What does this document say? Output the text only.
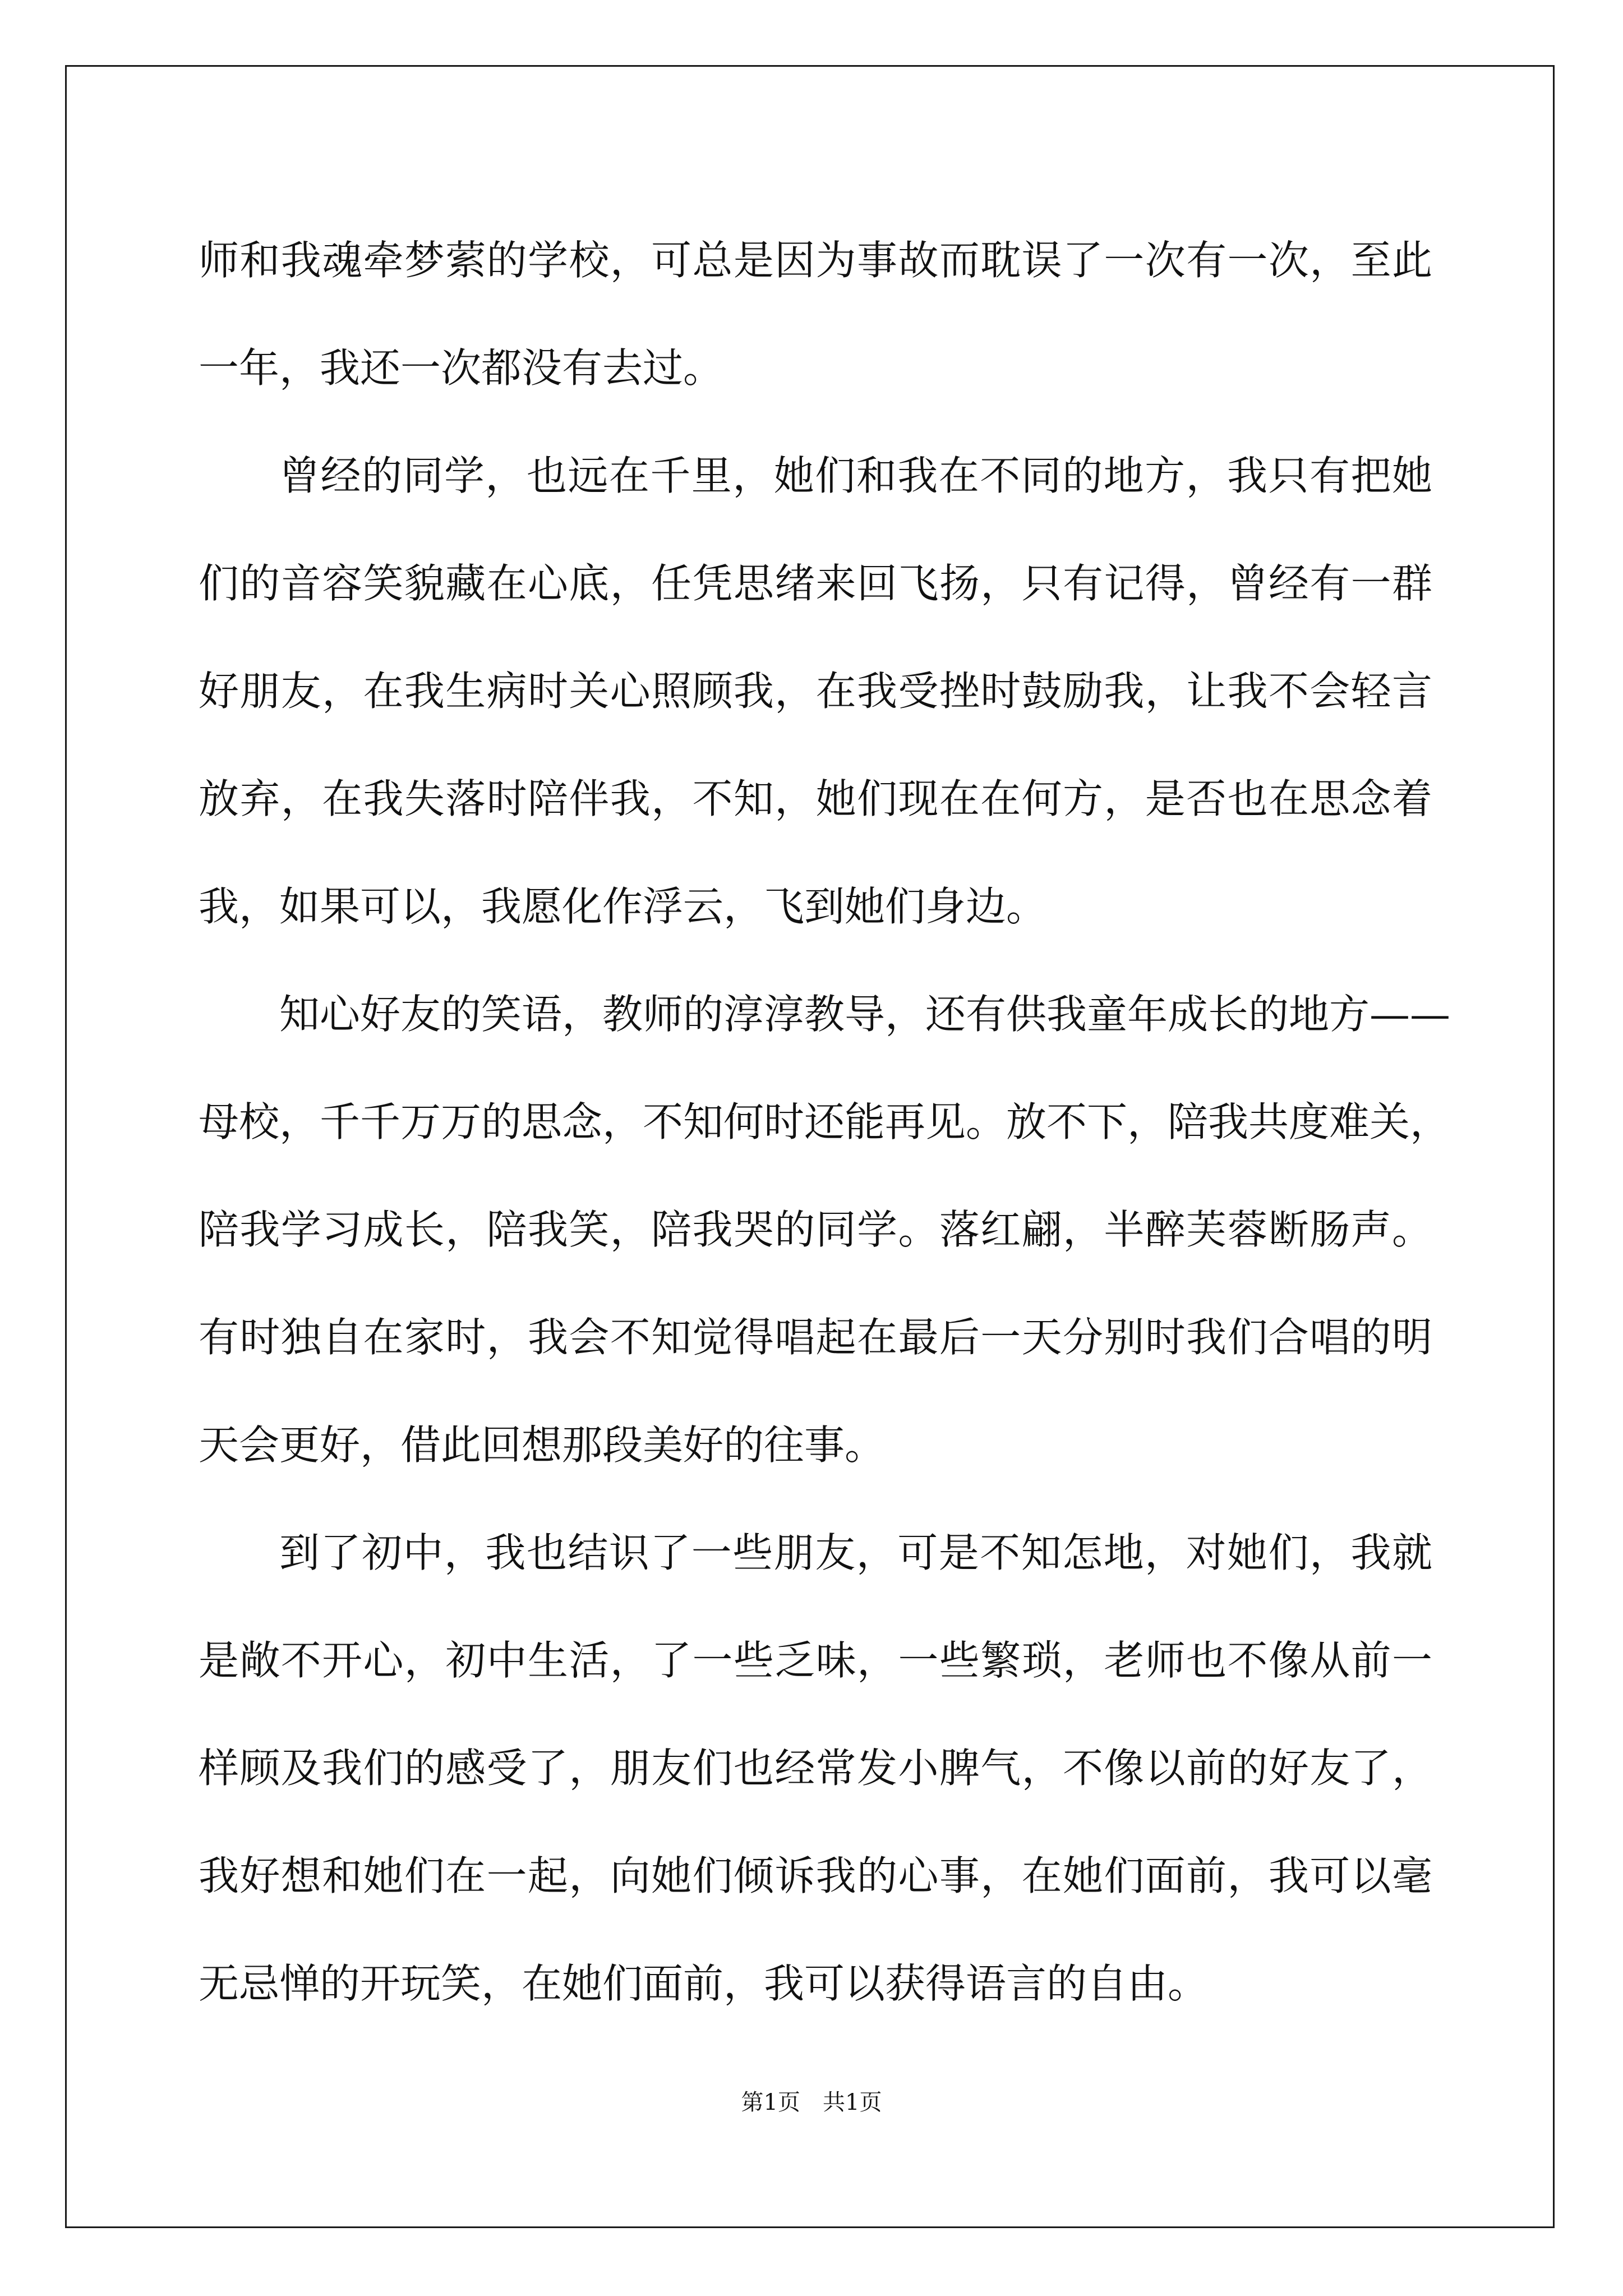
师和我魂牵梦萦的学校，可总是因为事故而耽误了一次有一次，至此
一年，我还一次都没有去过。
曾经的同学，也远在千里，她们和我在不同的地方，我只有把她
们的音容笑貌藏在心底，任凭思绪来回飞扬，只有记得，曾经有一群
好朋友，在我生病时关心照顾我，在我受挫时鼓励我，让我不会轻言
放弃，在我失落时陪伴我，不知，她们现在在何方，是否也在思念着
我，如果可以，我愿化作浮云，飞到她们身边。
知心好友的笑语，教师的淳淳教导，还有供我童年成长的地方——
母校，千千万万的思念，不知何时还能再见。放不下，陪我共度难关，
陪我学习成长，陪我笑，陪我哭的同学。落红翩，半醉芙蓉断肠声。
有时独自在家时，我会不知觉得唱起在最后一天分别时我们合唱的明
天会更好，借此回想那段美好的往事。
到了初中，我也结识了一些朋友，可是不知怎地，对她们，我就
是敞不开心，初中生活，了一些乏味，一些繁琐，老师也不像从前一
样顾及我们的感受了，朋友们也经常发小脾气，不像以前的好友了，
我好想和她们在一起，向她们倾诉我的心事，在她们面前，我可以毫
无忌惮的开玩笑，在她们面前，我可以获得语言的自由。
第1页　共1页
